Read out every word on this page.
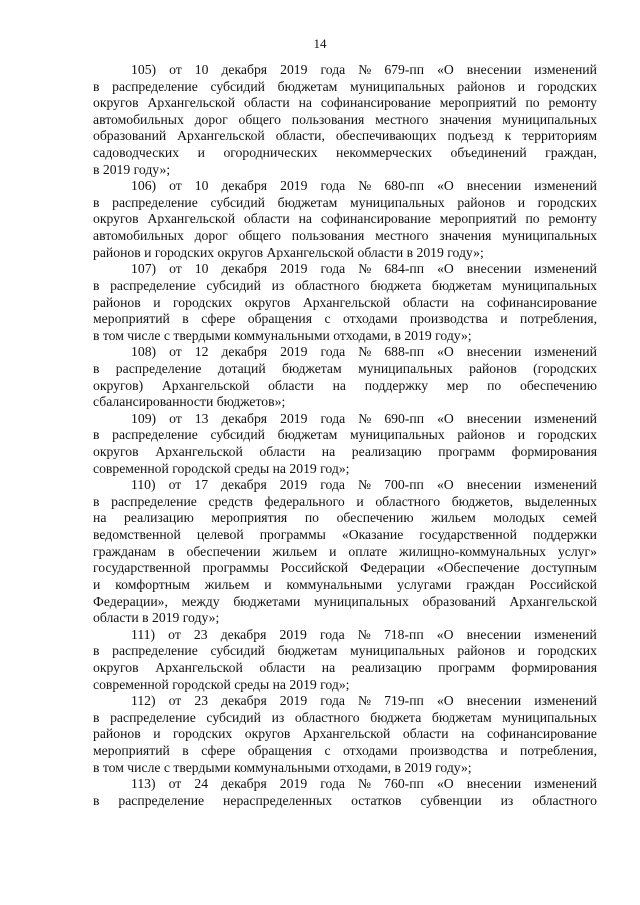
14
105) от 10 декабря 2019 года № 679-пп «О внесении изменений
в распределение субсидий бюджетам муниципальных районов и городских
округов Архангельской области на софинансирование мероприятий по ремонту
автомобильных дорог общего пользования местного значения муниципальных
образований Архангельской области, обеспечивающих подъезд к территориям
садоводческих и огороднических некоммерческих объединений граждан,
в 2019 году»;
106) от 10 декабря 2019 года № 680-пп «О внесении изменений
в распределение субсидий бюджетам муниципальных районов и городских
округов Архангельской области на софинансирование мероприятий по ремонту
автомобильных дорог общего пользования местного значения муниципальных
районов и городских округов Архангельской области в 2019 году»;
107) от 10 декабря 2019 года № 684-пп «О внесении изменений
в распределение субсидий из областного бюджета бюджетам муниципальных
районов и городских округов Архангельской области на софинансирование
мероприятий в сфере обращения с отходами производства и потребления,
в том числе с твердыми коммунальными отходами, в 2019 году»;
108) от 12 декабря 2019 года № 688-пп «О внесении изменений
в распределение дотаций бюджетам муниципальных районов (городских
округов) Архангельской области на поддержку мер по обеспечению
сбалансированности бюджетов»;
109) от 13 декабря 2019 года № 690-пп «О внесении изменений
в распределение субсидий бюджетам муниципальных районов и городских
округов Архангельской области на реализацию программ формирования
современной городской среды на 2019 год»;
110) от 17 декабря 2019 года № 700-пп «О внесении изменений
в распределение средств федерального и областного бюджетов, выделенных
на реализацию мероприятия по обеспечению жильем молодых семей
ведомственной целевой программы «Оказание государственной поддержки
гражданам в обеспечении жильем и оплате жилищно-коммунальных услуг»
государственной программы Российской Федерации «Обеспечение доступным
и комфортным жильем и коммунальными услугами граждан Российской
Федерации», между бюджетами муниципальных образований Архангельской
области в 2019 году»;
111) от 23 декабря 2019 года № 718-пп «О внесении изменений
в распределение субсидий бюджетам муниципальных районов и городских
округов Архангельской области на реализацию программ формирования
современной городской среды на 2019 год»;
112) от 23 декабря 2019 года № 719-пп «О внесении изменений
в распределение субсидий из областного бюджета бюджетам муниципальных
районов и городских округов Архангельской области на софинансирование
мероприятий в сфере обращения с отходами производства и потребления,
в том числе с твердыми коммунальными отходами, в 2019 году»;
113) от 24 декабря 2019 года № 760-пп «О внесении изменений
в распределение нераспределенных остатков субвенции из областного
